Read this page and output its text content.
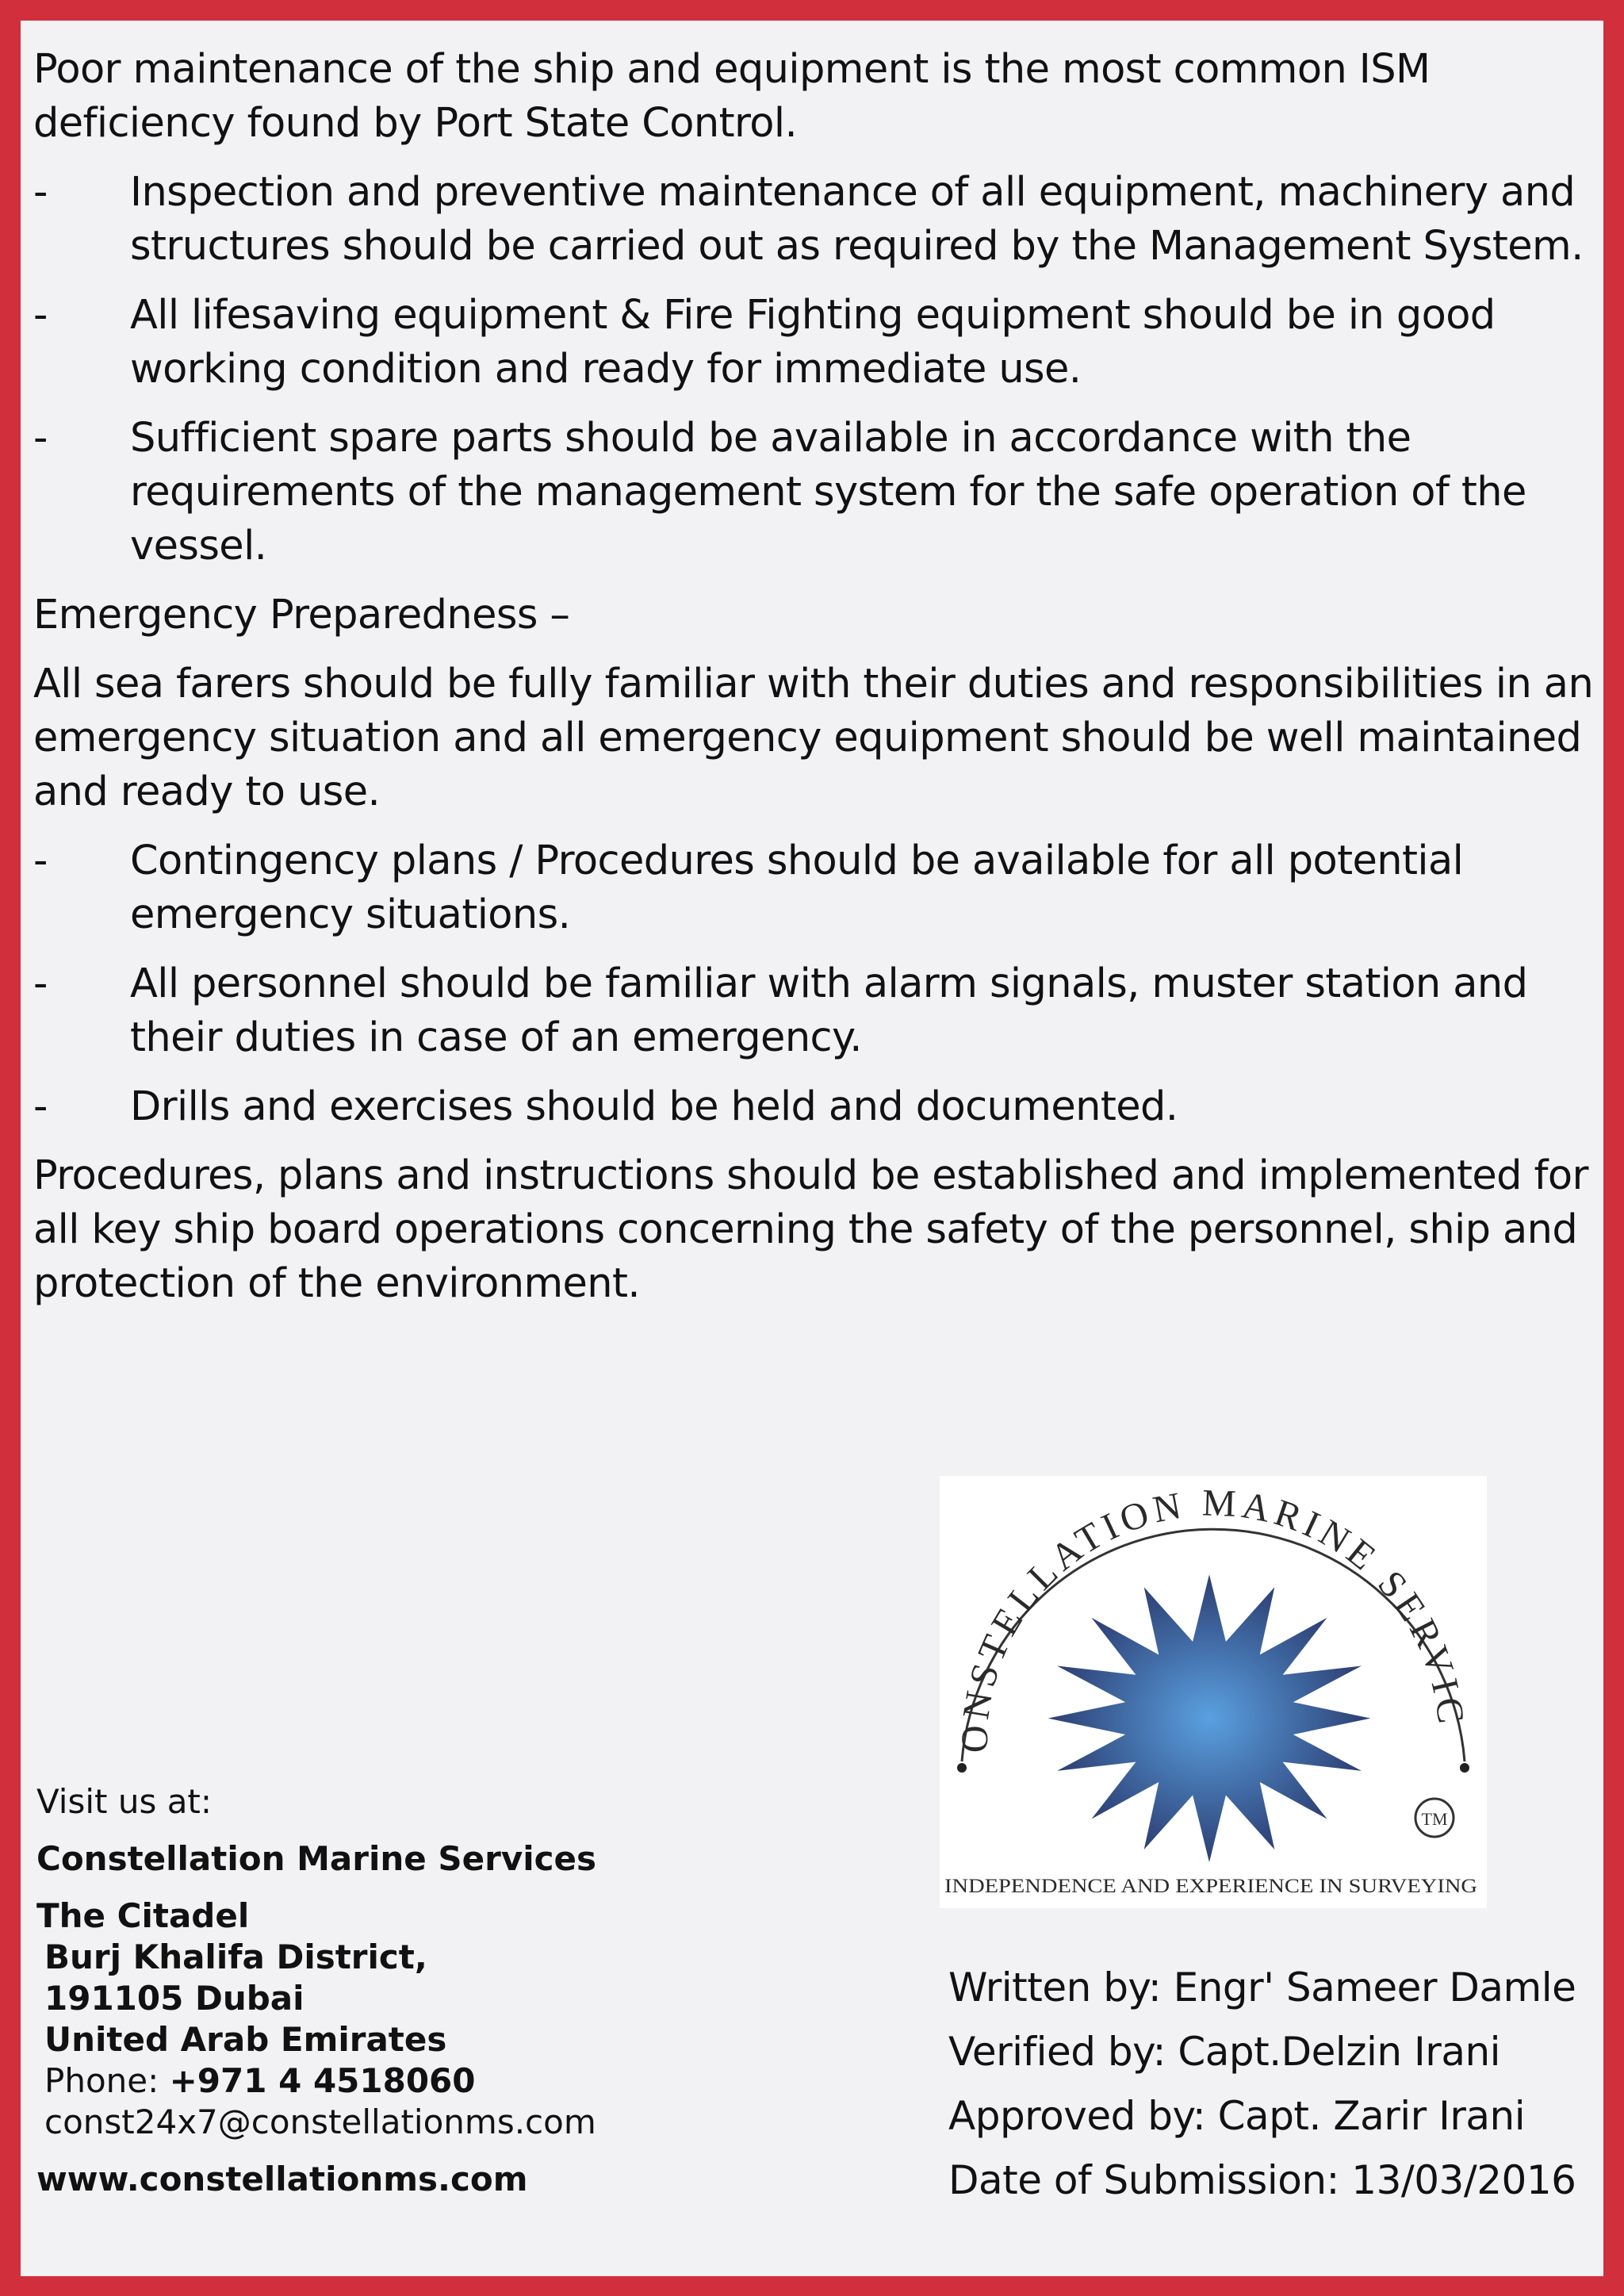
Poor maintenance of the ship and equipment is the most common ISM deficiency found by Port State Control.

-	Inspection and preventive maintenance of all equipment, machinery and structures should be carried out as required by the Management System.

-	All lifesaving equipment & Fire Fighting equipment should be in good working condition and ready for immediate use.

-	Sufficient spare parts should be available in accordance with the requirements of the management system for the safe operation of the vessel.

Emergency Preparedness –

All sea farers should be fully familiar with their duties and responsibilities in an emergency situation and all emergency equipment should be well maintained and ready to use.

-	Contingency plans / Procedures should be available for all potential emergency situations.

-	All personnel should be familiar with alarm signals, muster station and their duties in case of an emergency.

-	Drills and exercises should be held and documented.

Procedures, plans and instructions should be established and implemented for all key ship board operations concerning the safety of the personnel, ship and protection of the environment.

ONSTELLATION MARINE SERVIC
TM
INDEPENDENCE AND EXPERIENCE IN SURVEYING
Visit us at:
Constellation Marine Services
The Citadel
Burj Khalifa District,
191105 Dubai
United Arab Emirates
Phone: +971 4 4518060
const24x7@constellationms.com
www.constellationms.com
Written by: Engr' Sameer Damle
Verified by: Capt.Delzin Irani
Approved by: Capt. Zarir Irani
Date of Submission: 13/03/2016
